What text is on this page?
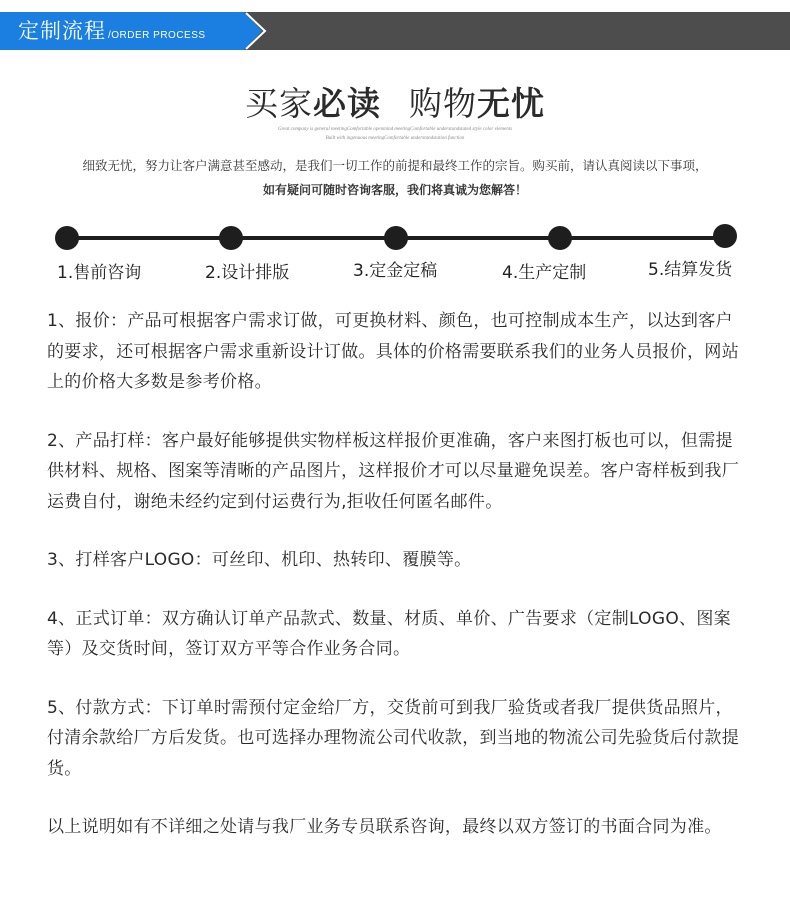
定制流程 /ORDER PROCESS
买家必读 购物无忧
Great company is general meetingComfortable openmind meetingComfortable understandstated style color elements
Built with ingenuous meetingComfortable understandstation function
细致无忧，努力让客户满意甚至感动，是我们一切工作的前提和最终工作的宗旨。购买前，请认真阅读以下事项，
如有疑问可随时咨询客服，我们将真诚为您解答！
1.售前咨询	2.设计排版	3.定金定稿	4.生产定制	5.结算发货

1、报价：产品可根据客户需求订做，可更换材料、颜色，也可控制成本生产，以达到客户的要求，还可根据客户需求重新设计订做。具体的价格需要联系我们的业务人员报价，网站上的价格大多数是参考价格。

2、产品打样：客户最好能够提供实物样板这样报价更准确，客户来图打板也可以，但需提供材料、规格、图案等清晰的产品图片，这样报价才可以尽量避免误差。客户寄样板到我厂运费自付，谢绝未经约定到付运费行为,拒收任何匿名邮件。

3、打样客户LOGO：可丝印、机印、热转印、覆膜等。

4、正式订单：双方确认订单产品款式、数量、材质、单价、广告要求（定制LOGO、图案等）及交货时间，签订双方平等合作业务合同。

5、付款方式：下订单时需预付定金给厂方，交货前可到我厂验货或者我厂提供货品照片，付清余款给厂方后发货。也可选择办理物流公司代收款，到当地的物流公司先验货后付款提货。

以上说明如有不详细之处请与我厂业务专员联系咨询，最终以双方签订的书面合同为准。
